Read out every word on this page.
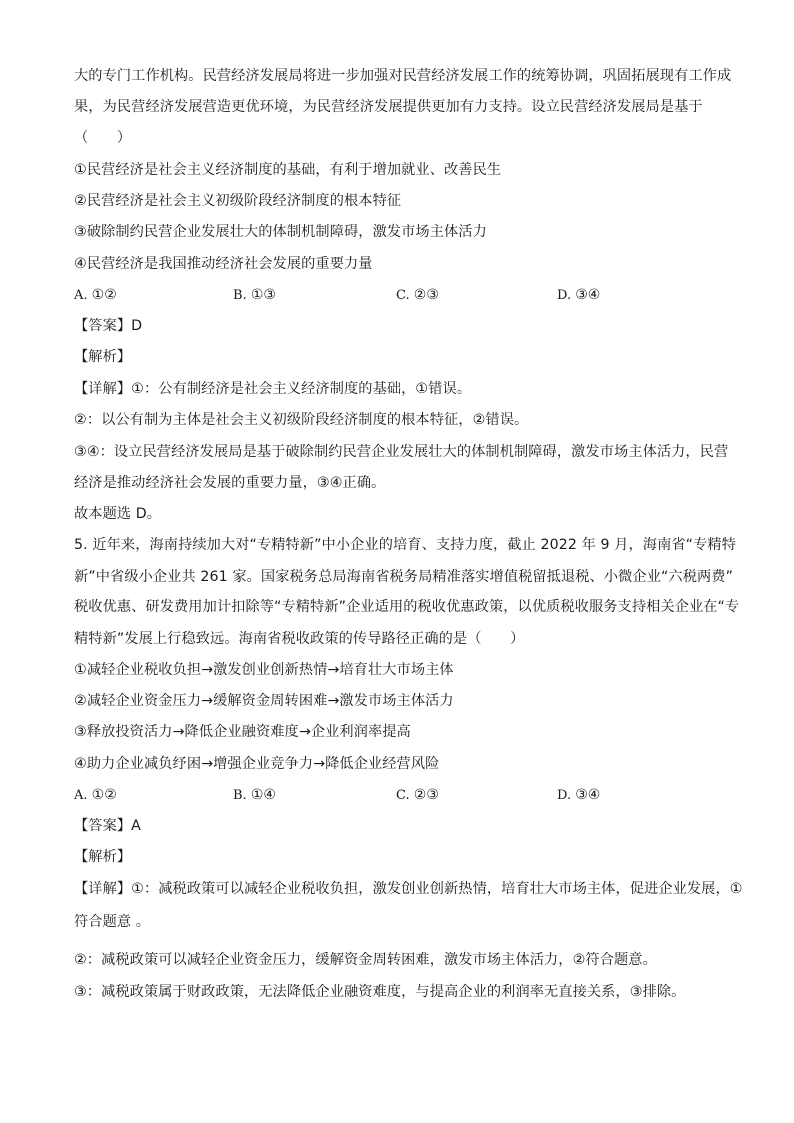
大的专门工作机构。民营经济发展局将进一步加强对民营经济发展工作的统筹协调，巩固拓展现有工作成
果，为民营经济发展营造更优环境，为民营经济发展提供更加有力支持。设立民营经济发展局是基于
（　　）
①民营经济是社会主义经济制度的基础，有利于增加就业、改善民生
②民营经济是社会主义初级阶段经济制度的根本特征
③破除制约民营企业发展壮大的体制机制障碍，激发市场主体活力
④民营经济是我国推动经济社会发展的重要力量
A. ①②	B. ①③	C. ②③	D. ③④
【答案】D
【解析】
【详解】①：公有制经济是社会主义经济制度的基础，①错误。
②：以公有制为主体是社会主义初级阶段经济制度的根本特征，②错误。
③④：设立民营经济发展局是基于破除制约民营企业发展壮大的体制机制障碍，激发市场主体活力，民营
经济是推动经济社会发展的重要力量，③④正确。
故本题选 D。
5. 近年来，海南持续加大对“专精特新”中小企业的培育、支持力度，截止 2022 年 9 月，海南省“专精特
新”中省级小企业共 261 家。国家税务总局海南省税务局精准落实增值税留抵退税、小微企业“六税两费”
税收优惠、研发费用加计扣除等“专精特新”企业适用的税收优惠政策，以优质税收服务支持相关企业在“专
精特新”发展上行稳致远。海南省税收政策的传导路径正确的是（　　）
①减轻企业税收负担→激发创业创新热情→培育壮大市场主体
②减轻企业资金压力→缓解资金周转困难→激发市场主体活力
③释放投资活力→降低企业融资难度→企业利润率提高
④助力企业减负纾困→增强企业竞争力→降低企业经营风险
A. ①②	B. ①④	C. ②③	D. ③④
【答案】A
【解析】
【详解】①：减税政策可以减轻企业税收负担，激发创业创新热情，培育壮大市场主体，促进企业发展，①
符合题意 。
②：减税政策可以减轻企业资金压力，缓解资金周转困难，激发市场主体活力，②符合题意。
③：减税政策属于财政政策，无法降低企业融资难度，与提高企业的利润率无直接关系，③排除。
